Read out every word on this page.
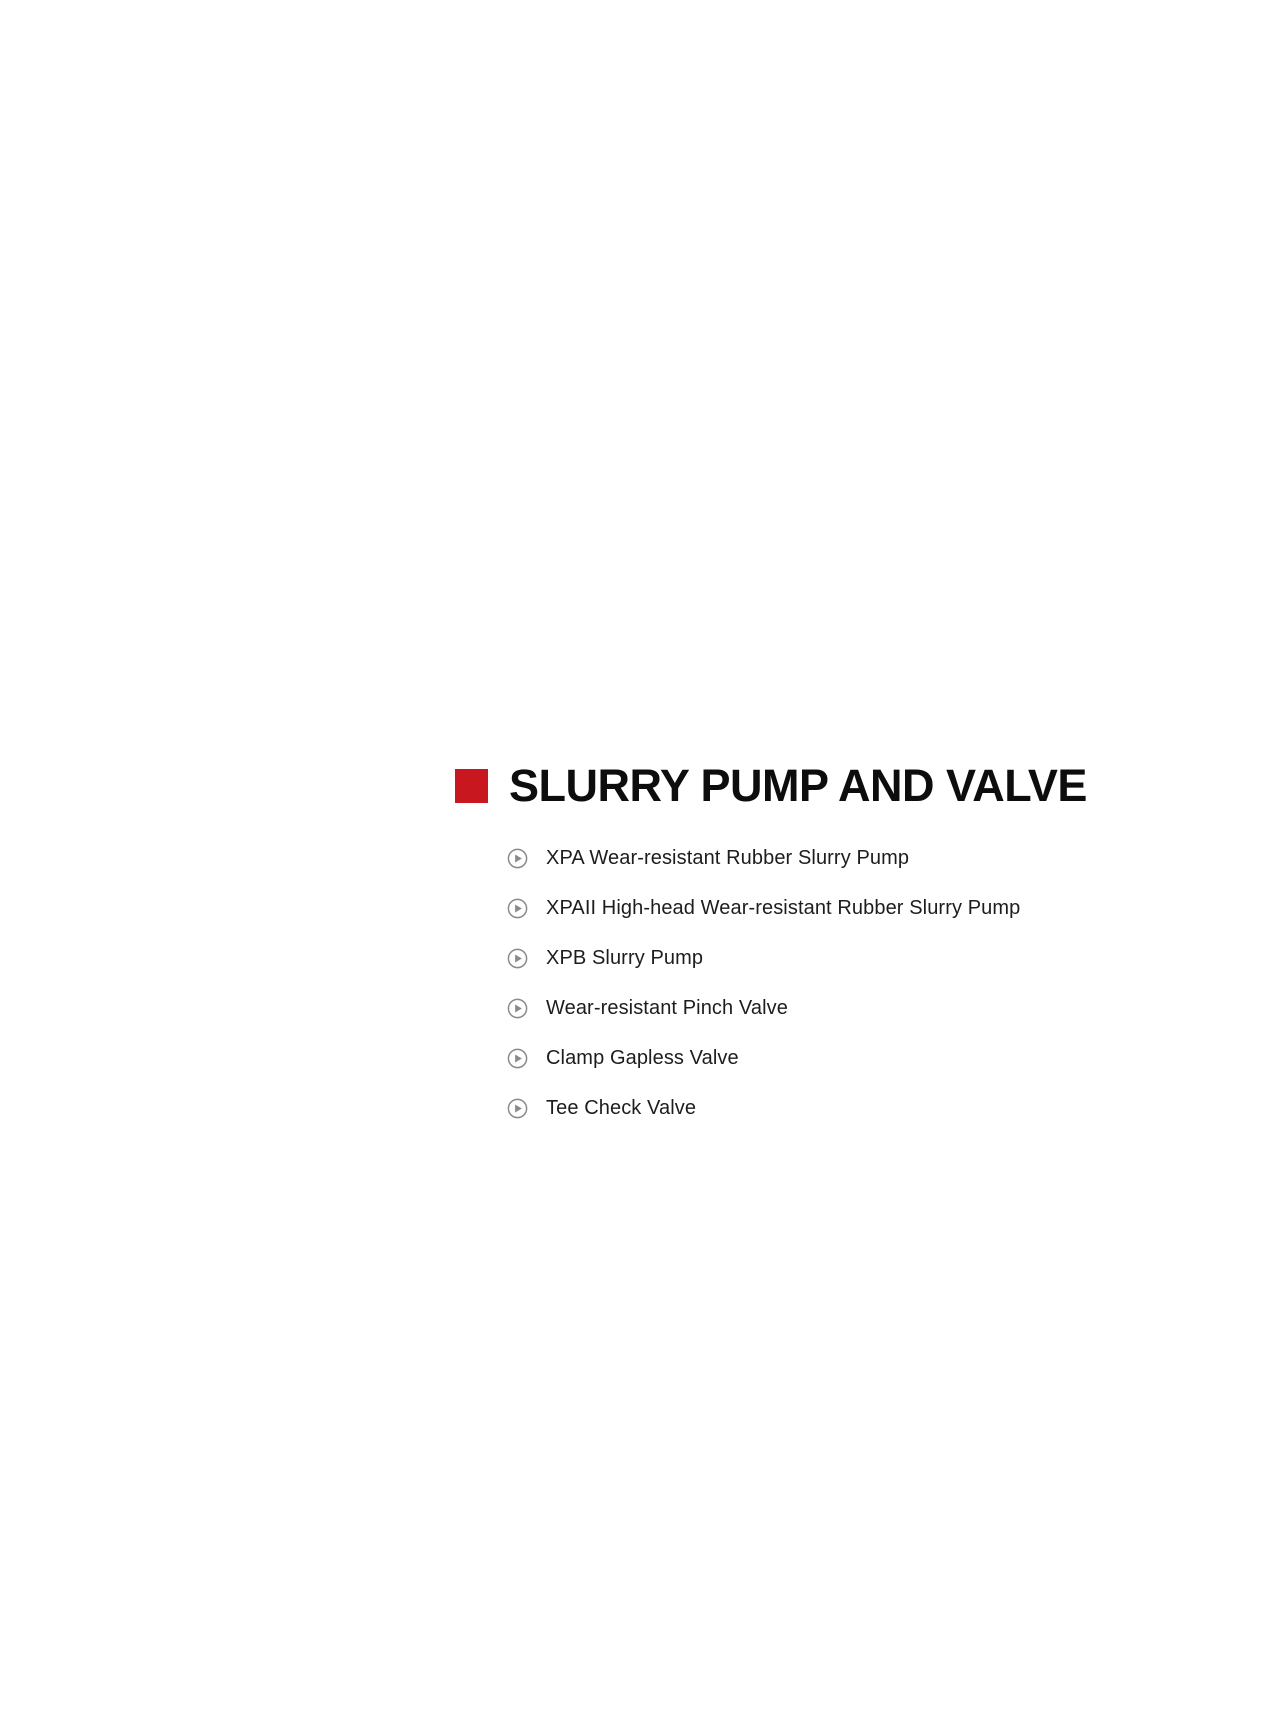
SLURRY PUMP AND VALVE
XPA Wear-resistant Rubber Slurry Pump
XPAII High-head Wear-resistant Rubber Slurry Pump
XPB Slurry Pump
Wear-resistant Pinch Valve
Clamp Gapless Valve
Tee Check Valve
